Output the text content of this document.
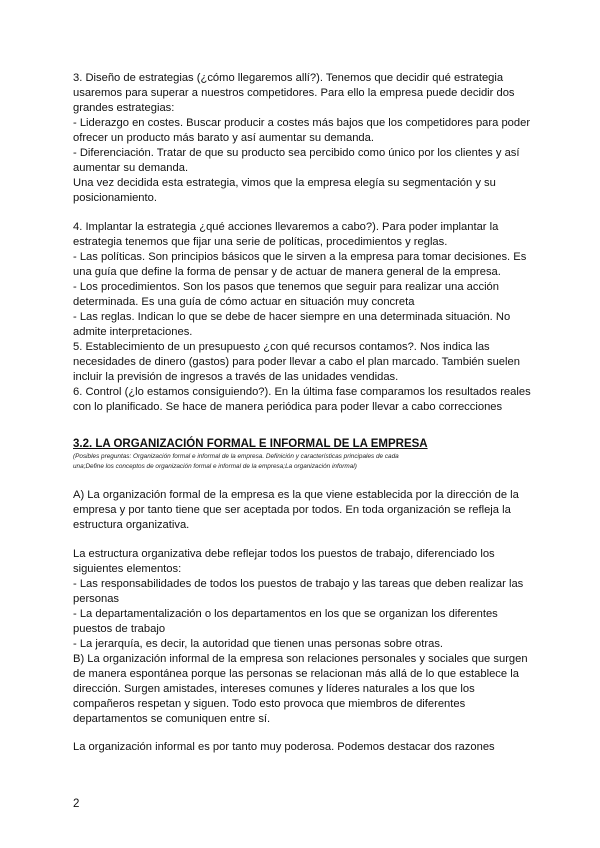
3. Diseño de estrategias (¿cómo llegaremos allí?). Tenemos que decidir qué estrategia
usaremos para superar a nuestros competidores. Para ello la empresa puede decidir dos
grandes estrategias:
- Liderazgo en costes. Buscar producir a costes más bajos que los competidores para poder
ofrecer un producto más barato y así aumentar su demanda.
- Diferenciación. Tratar de que su producto sea percibido como único por los clientes y así
aumentar su demanda.
Una vez decidida esta estrategia, vimos que la empresa elegía su segmentación y su
posicionamiento.
4. Implantar la estrategia ¿qué acciones llevaremos a cabo?). Para poder implantar la
estrategia tenemos que fijar una serie de políticas, procedimientos y reglas.
- Las políticas. Son principios básicos que le sirven a la empresa para tomar decisiones. Es
una guía que define la forma de pensar y de actuar de manera general de la empresa.
- Los procedimientos. Son los pasos que tenemos que seguir para realizar una acción
determinada. Es una guía de cómo actuar en situación muy concreta
- Las reglas. Indican lo que se debe de hacer siempre en una determinada situación. No
admite interpretaciones.
5. Establecimiento de un presupuesto ¿con qué recursos contamos?. Nos indica las
necesidades de dinero (gastos) para poder llevar a cabo el plan marcado. También suelen
incluir la previsión de ingresos a través de las unidades vendidas.
6. Control (¿lo estamos consiguiendo?). En la última fase comparamos los resultados reales
con lo planificado. Se hace de manera periódica para poder llevar a cabo correcciones
3.2. LA ORGANIZACIÓN FORMAL E INFORMAL DE LA EMPRESA
(Posibles preguntas: Organización formal e informal de la empresa. Definición y características principales de cada
una;Define los conceptos de organización formal e informal de la empresa;La organización informal)
A) La organización formal de la empresa es la que viene establecida por la dirección de la
empresa y por tanto tiene que ser aceptada por todos. En toda organización se refleja la
estructura organizativa.
La estructura organizativa debe reflejar todos los puestos de trabajo, diferenciado los
siguientes elementos:
- Las responsabilidades de todos los puestos de trabajo y las tareas que deben realizar las
personas
- La departamentalización o los departamentos en los que se organizan los diferentes
puestos de trabajo
- La jerarquía, es decir, la autoridad que tienen unas personas sobre otras.
B) La organización informal de la empresa son relaciones personales y sociales que surgen
de manera espontánea porque las personas se relacionan más allá de lo que establece la
dirección. Surgen amistades, intereses comunes y líderes naturales a los que los
compañeros respetan y siguen. Todo esto provoca que miembros de diferentes
departamentos se comuniquen entre sí.
La organización informal es por tanto muy poderosa. Podemos destacar dos razones
2
